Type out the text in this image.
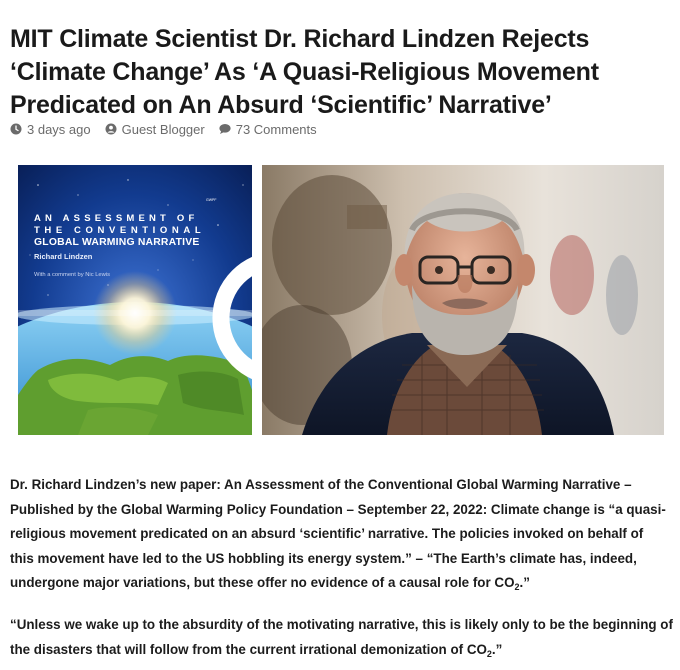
MIT Climate Scientist Dr. Richard Lindzen Rejects ‘Climate Change’ As ‘A Quasi-Religious Movement Predicated on An Absurd ‘Scientific’ Narrative’
3 days ago Guest Blogger 73 Comments
GWPF
AN ASSESSMENT OF
THE CONVENTIONAL
GLOBAL WARMING NARRATIVE
Richard Lindzen
With a comment by Nic Lewis

Dr. Richard Lindzen’s new paper: An Assessment of the Conventional Global Warming Narrative – Published by the Global Warming Policy Foundation – September 22, 2022: Climate change is “a quasi-religious movement predicated on an absurd ‘scientific’ narrative. The policies invoked on behalf of this movement have led to the US hobbling its energy system.” – “The Earth’s climate has, indeed, undergone major variations, but these offer no evidence of a causal role for $CO_2$.”

“Unless we wake up to the absurdity of the motivating narrative, this is likely only to be the beginning of the disasters that will follow from the current irrational demonization of $CO_2$.”
